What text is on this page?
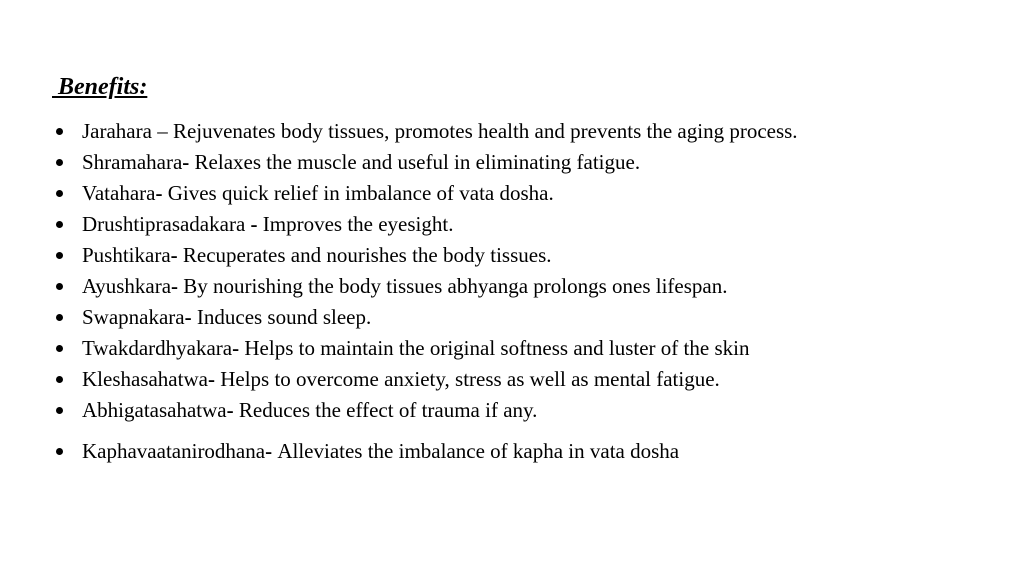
Benefits:
Jarahara – Rejuvenates body tissues, promotes health and prevents the aging process.
Shramahara- Relaxes the muscle and useful in eliminating fatigue.
Vatahara- Gives quick relief in imbalance of vata dosha.
Drushtiprasadakara - Improves the eyesight.
Pushtikara- Recuperates and nourishes the body tissues.
Ayushkara- By nourishing the body tissues abhyanga prolongs ones lifespan.
Swapnakara- Induces sound sleep.
Twakdardhyakara- Helps to maintain the original softness and luster of the skin
Kleshasahatwa- Helps to overcome anxiety, stress as well as mental fatigue.
Abhigatasahatwa- Reduces the effect of trauma if any.
Kaphavaatanirodhana- Alleviates the imbalance of kapha in vata dosha
